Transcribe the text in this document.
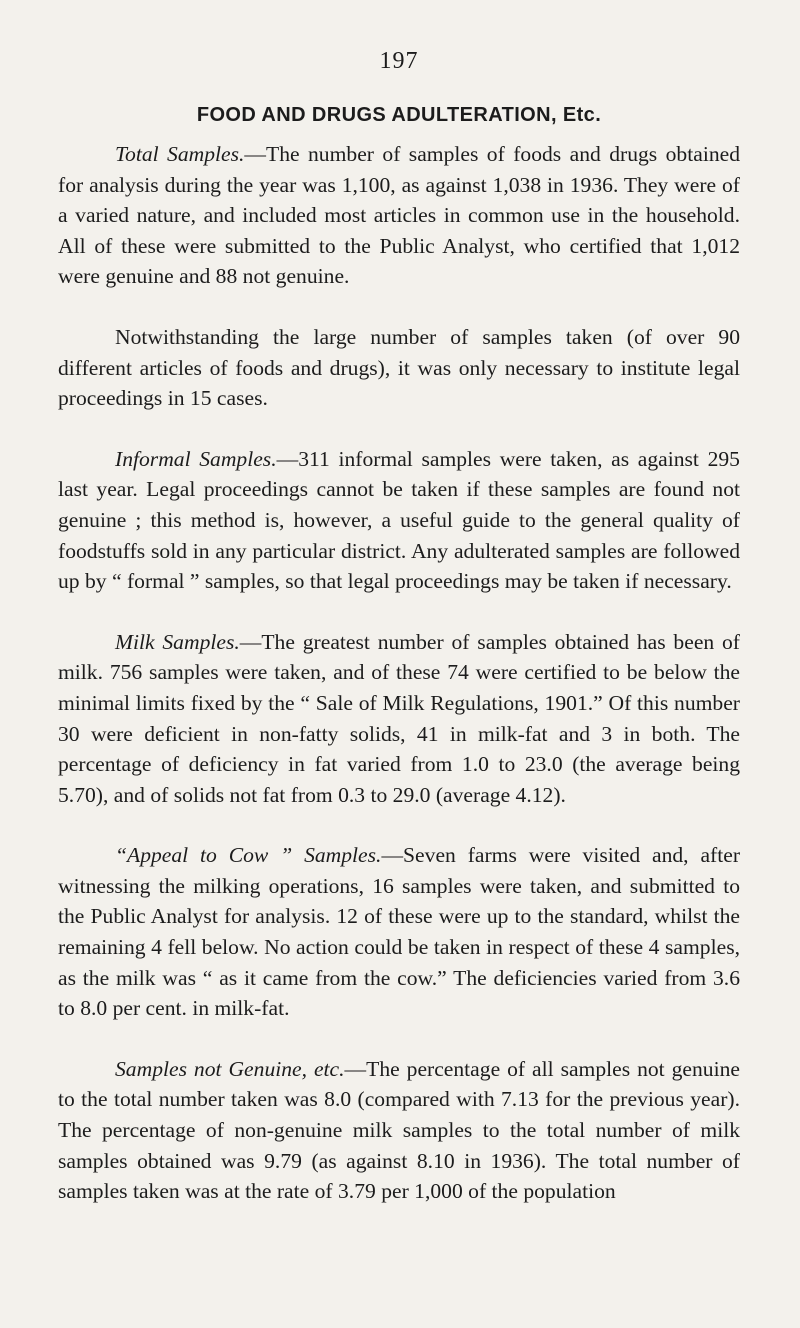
197
FOOD AND DRUGS ADULTERATION, Etc.

Total Samples.—The number of samples of foods and drugs obtained for analysis during the year was 1,100, as against 1,038 in 1936. They were of a varied nature, and included most articles in common use in the household. All of these were submitted to the Public Analyst, who certified that 1,012 were genuine and 88 not genuine.

Notwithstanding the large number of samples taken (of over 90 different articles of foods and drugs), it was only necessary to institute legal proceedings in 15 cases.

Informal Samples.—311 informal samples were taken, as against 295 last year. Legal proceedings cannot be taken if these samples are found not genuine ; this method is, however, a useful guide to the general quality of foodstuffs sold in any particular district. Any adulterated samples are followed up by “ formal ” samples, so that legal proceedings may be taken if necessary.

Milk Samples.—The greatest number of samples obtained has been of milk. 756 samples were taken, and of these 74 were certified to be below the minimal limits fixed by the “ Sale of Milk Regulations, 1901.” Of this number 30 were deficient in non-fatty solids, 41 in milk-fat and 3 in both. The percentage of deficiency in fat varied from 1.0 to 23.0 (the average being 5.70), and of solids not fat from 0.3 to 29.0 (average 4.12).

“Appeal to Cow ” Samples.—Seven farms were visited and, after witnessing the milking operations, 16 samples were taken, and submitted to the Public Analyst for analysis. 12 of these were up to the standard, whilst the remaining 4 fell below. No action could be taken in respect of these 4 samples, as the milk was “ as it came from the cow.” The deficiencies varied from 3.6 to 8.0 per cent. in milk-fat.

Samples not Genuine, etc.—The percentage of all samples not genuine to the total number taken was 8.0 (compared with 7.13 for the previous year). The percentage of non-genuine milk samples to the total number of milk samples obtained was 9.79 (as against 8.10 in 1936). The total number of samples taken was at the rate of 3.79 per 1,000 of the population
